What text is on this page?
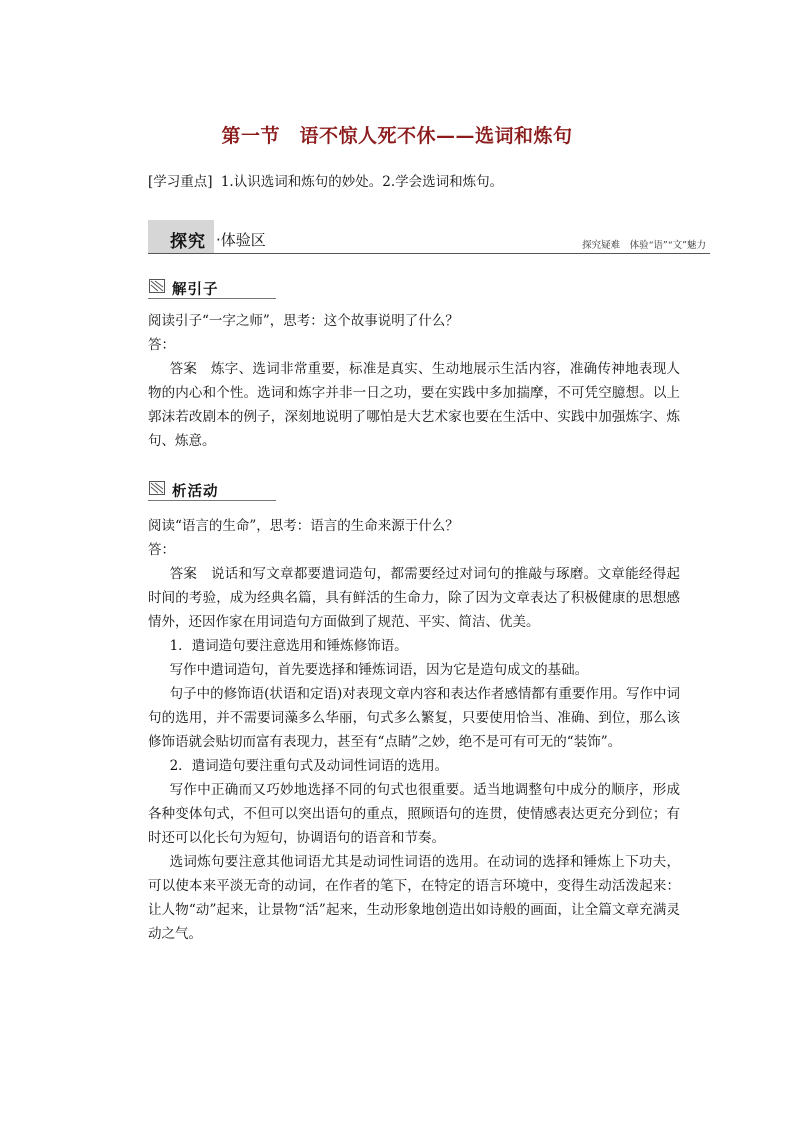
第一节　语不惊人死不休——选词和炼句
[学习重点] 1.认识选词和炼句的妙处。2.学会选词和炼句。
探究 ·体验区	探究疑难　体验“语”“文”魅力
解引子

阅读引子“一字之师”，思考：这个故事说明了什么？

答：

答案　炼字、选词非常重要，标准是真实、生动地展示生活内容，准确传神地表现人物的内心和个性。选词和炼字并非一日之功，要在实践中多加揣摩，不可凭空臆想。以上郭沫若改剧本的例子，深刻地说明了哪怕是大艺术家也要在生活中、实践中加强炼字、炼句、炼意。

析活动

阅读“语言的生命”，思考：语言的生命来源于什么？

答：

答案　说话和写文章都要遣词造句，都需要经过对词句的推敲与琢磨。文章能经得起时间的考验，成为经典名篇，具有鲜活的生命力，除了因为文章表达了积极健康的思想感情外，还因作家在用词造句方面做到了规范、平实、简洁、优美。

1．遣词造句要注意选用和锤炼修饰语。

写作中遣词造句，首先要选择和锤炼词语，因为它是造句成文的基础。

句子中的修饰语(状语和定语)对表现文章内容和表达作者感情都有重要作用。写作中词句的选用，并不需要词藻多么华丽，句式多么繁复，只要使用恰当、准确、到位，那么该修饰语就会贴切而富有表现力，甚至有“点睛”之妙，绝不是可有可无的“装饰”。

2．遣词造句要注重句式及动词性词语的选用。

写作中正确而又巧妙地选择不同的句式也很重要。适当地调整句中成分的顺序，形成各种变体句式，不但可以突出语句的重点，照顾语句的连贯，使情感表达更充分到位；有时还可以化长句为短句，协调语句的语音和节奏。

选词炼句要注意其他词语尤其是动词性词语的选用。在动词的选择和锤炼上下功夫，可以使本来平淡无奇的动词，在作者的笔下，在特定的语言环境中，变得生动活泼起来：让人物“动”起来，让景物“活”起来，生动形象地创造出如诗般的画面，让全篇文章充满灵动之气。
